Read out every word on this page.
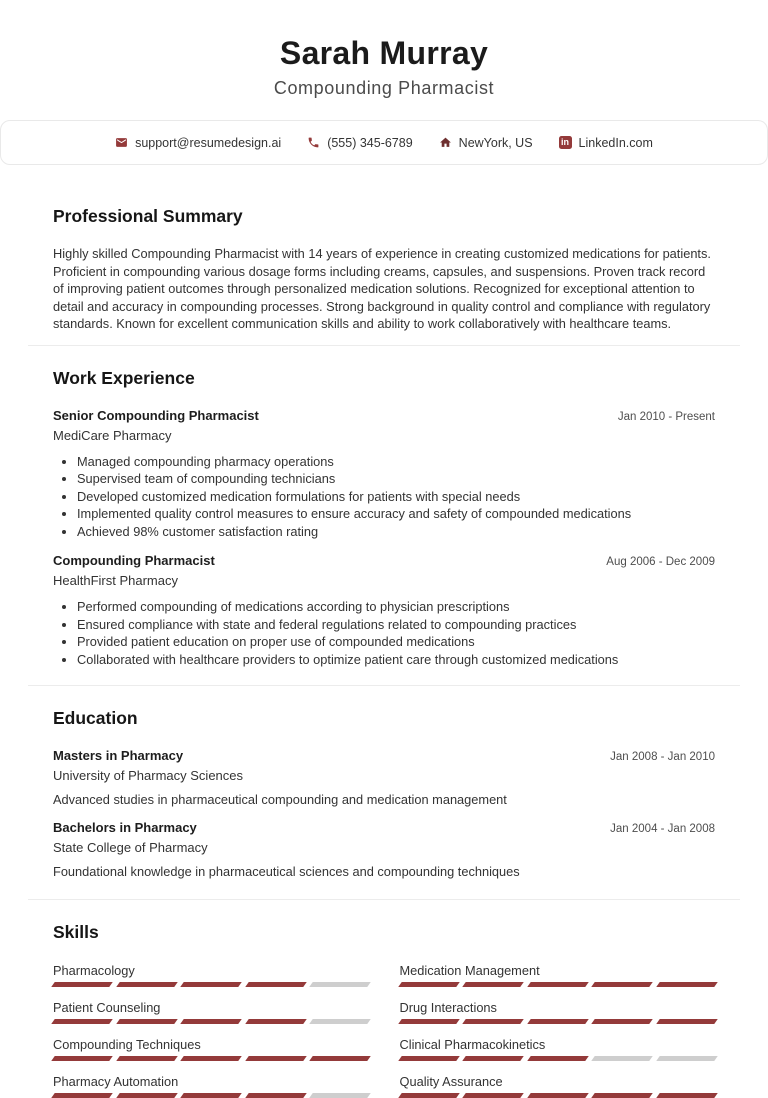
Sarah Murray
Compounding Pharmacist
support@resumedesign.ai	(555) 345-6789	NewYork, US	in LinkedIn.com
Professional Summary

Highly skilled Compounding Pharmacist with 14 years of experience in creating customized medications for patients. Proficient in compounding various dosage forms including creams, capsules, and suspensions. Proven track record of improving patient outcomes through personalized medication solutions. Recognized for exceptional attention to detail and accuracy in compounding processes. Strong background in quality control and compliance with regulatory standards. Known for excellent communication skills and ability to work collaboratively with healthcare teams.

Work Experience
Senior Compounding Pharmacist	Jan 2010 - Present
MediCare Pharmacy
• Managed compounding pharmacy operations
• Supervised team of compounding technicians
• Developed customized medication formulations for patients with special needs
• Implemented quality control measures to ensure accuracy and safety of compounded medications
• Achieved 98% customer satisfaction rating
Compounding Pharmacist	Aug 2006 - Dec 2009
HealthFirst Pharmacy
• Performed compounding of medications according to physician prescriptions
• Ensured compliance with state and federal regulations related to compounding practices
• Provided patient education on proper use of compounded medications
• Collaborated with healthcare providers to optimize patient care through customized medications
Education
Masters in Pharmacy	Jan 2008 - Jan 2010
University of Pharmacy Sciences
Advanced studies in pharmaceutical compounding and medication management
Bachelors in Pharmacy	Jan 2004 - Jan 2008
State College of Pharmacy
Foundational knowledge in pharmaceutical sciences and compounding techniques
Skills
Pharmacology
Patient Counseling
Compounding Techniques
Pharmacy Automation
Medication Management
Drug Interactions
Clinical Pharmacokinetics
Quality Assurance
